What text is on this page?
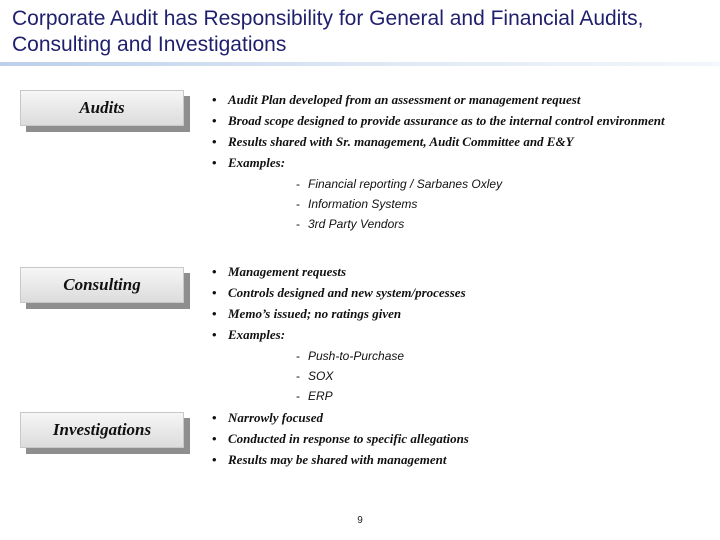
Corporate Audit has Responsibility for General and Financial Audits, Consulting and Investigations
Audits	• Audit Plan developed from an assessment or management request
• Broad scope designed to provide assurance as to the internal control environment
• Results shared with Sr. management, Audit Committee and E&Y
• Examples:
- Financial reporting / Sarbanes Oxley
- Information Systems
- 3rd Party Vendors
Consulting
• Management requests
• Controls designed and new system/processes
• Memo’s issued; no ratings given
• Examples:
- Push-to-Purchase
- SOX
- ERP
Investigations
• Narrowly focused
• Conducted in response to specific allegations
• Results may be shared with management
9
